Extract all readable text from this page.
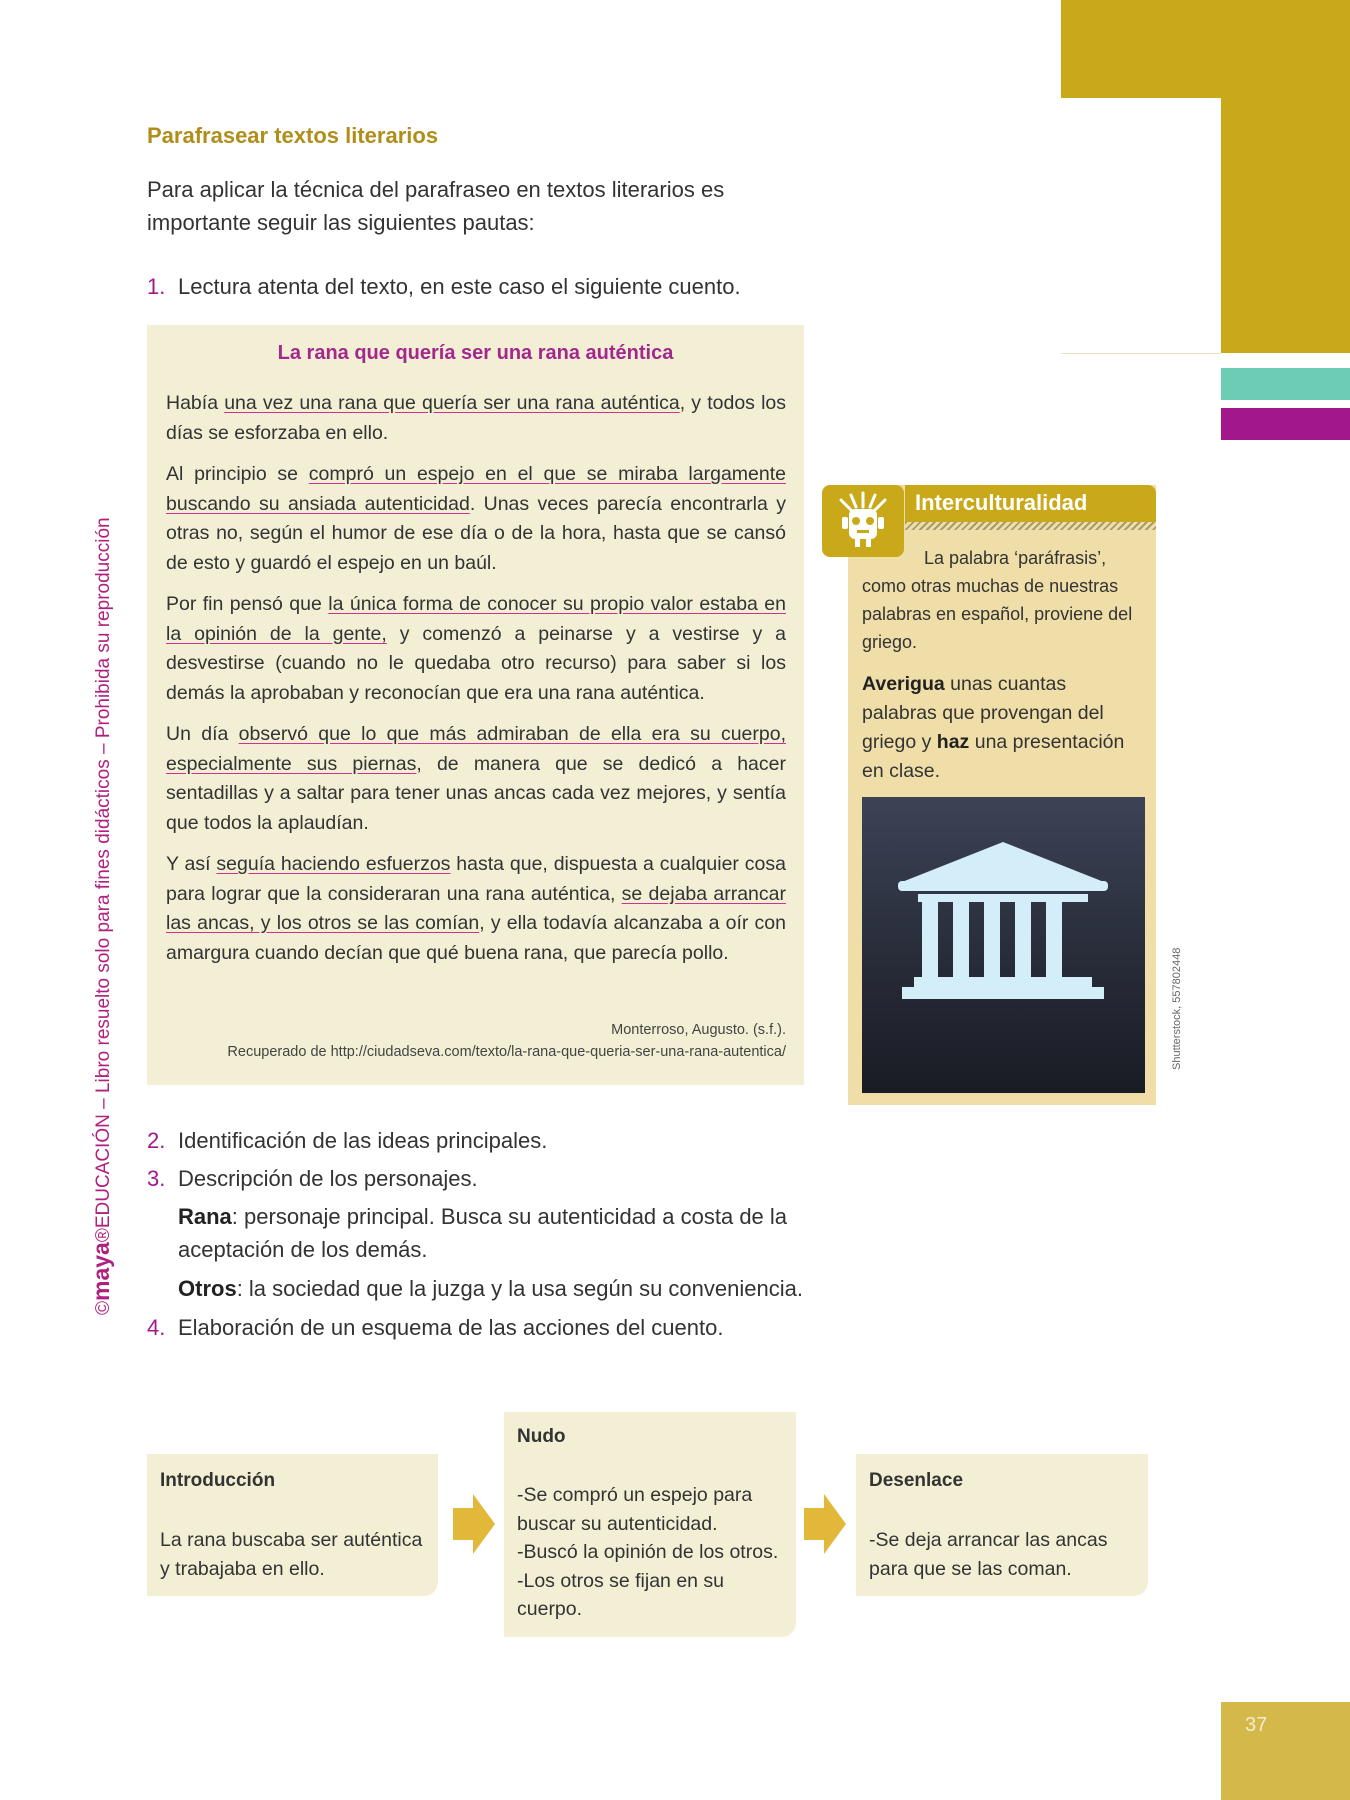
37
©maya®EDUCACIÓN – Libro resuelto solo para fines didácticos – Prohibida su reproducción
Parafrasear textos literarios
Para aplicar la técnica del parafraseo en textos literarios es importante seguir las siguientes pautas:
1. Lectura atenta del texto, en este caso el siguiente cuento.
La rana que quería ser una rana auténtica

Había una vez una rana que quería ser una rana auténtica, y todos los días se esforzaba en ello.

Al principio se compró un espejo en el que se miraba largamente buscando su ansiada autenticidad. Unas veces parecía encontrarla y otras no, según el humor de ese día o de la hora, hasta que se cansó de esto y guardó el espejo en un baúl.

Por fin pensó que la única forma de conocer su propio valor estaba en la opinión de la gente, y comenzó a peinarse y a vestirse y a desvestirse (cuando no le quedaba otro recurso) para saber si los demás la aprobaban y reconocían que era una rana auténtica.

Un día observó que lo que más admiraban de ella era su cuerpo, especialmente sus piernas, de manera que se dedicó a hacer sentadillas y a saltar para tener unas ancas cada vez mejores, y sentía que todos la aplaudían.

Y así seguía haciendo esfuerzos hasta que, dispuesta a cualquier cosa para lograr que la consideraran una rana auténtica, se dejaba arrancar las ancas, y los otros se las comían, y ella todavía alcanzaba a oír con amargura cuando decían que qué buena rana, que parecía pollo.

Monterroso, Augusto. (s.f.).
Recuperado de http://ciudadseva.com/texto/la-rana-que-queria-ser-una-rana-autentica/
Interculturalidad
La palabra ‘paráfrasis’, como otras muchas de nuestras palabras en español, proviene del griego.
Averigua unas cuantas palabras que provengan del griego y haz una presentación en clase.
Shutterstock, 557802448
2. Identificación de las ideas principales.
3. Descripción de los personajes.
Rana: personaje principal. Busca su autenticidad a costa de la aceptación de los demás.
Otros: la sociedad que la juzga y la usa según su conveniencia.
4. Elaboración de un esquema de las acciones del cuento.
Introducción
La rana buscaba ser auténtica y trabajaba en ello.
Nudo
-Se compró un espejo para buscar su autenticidad.
-Buscó la opinión de los otros.
-Los otros se fijan en su cuerpo.
Desenlace
-Se deja arrancar las ancas para que se las coman.
